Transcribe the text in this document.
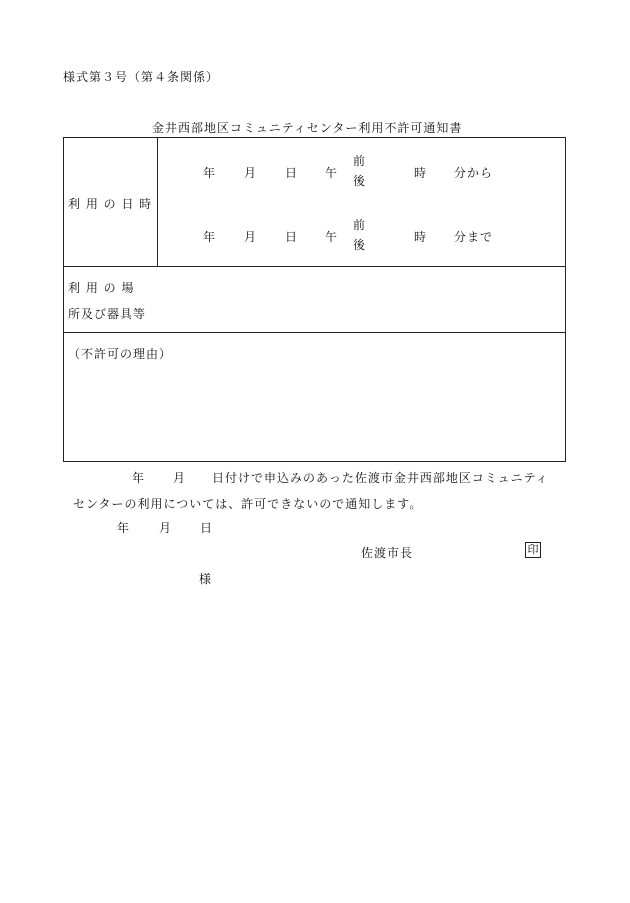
様式第３号（第４条関係）
金井西部地区コミュニティセンター利用不許可通知書
利 用 の 日 時
年 月 日 午
前
後
時 分から
年 月 日 午
前
後
時 分まで
利 用 の 場
所及び器具等
（不許可の理由）
年 月 日付けで申込みのあった佐渡市金井西部地区コミュニティ
センターの利用については、許可できないので通知します。
年 月 日
佐渡市長	印
様
